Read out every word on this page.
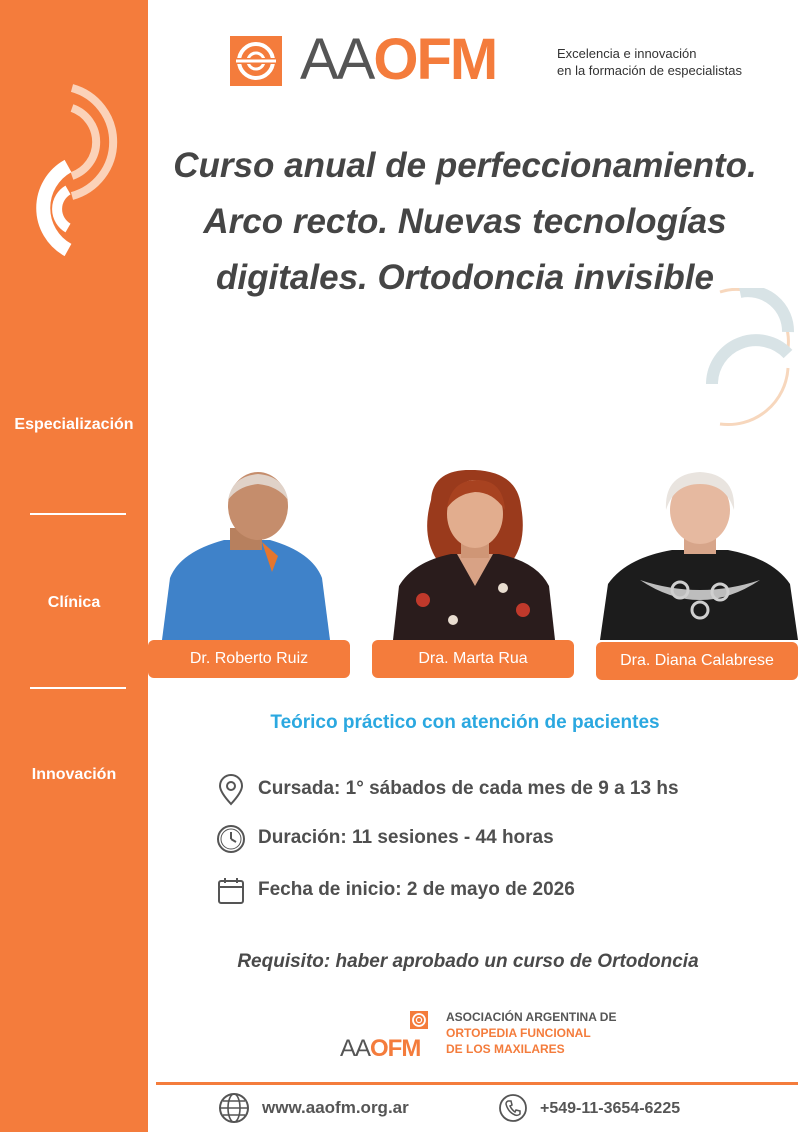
Especialización
Clínica
Innovación
AAOFM	Excelencia e innovación
en la formación de especialistas
Curso anual de perfeccionamiento.
Arco recto. Nuevas tecnologías
digitales. Ortodoncia invisible
Dr. Roberto Ruiz	Dra. Marta Rua	Dra. Diana Calabrese
Teórico práctico con atención de pacientes
Cursada: 1° sábados de cada mes de 9 a 13 hs
Duración: 11 sesiones - 44 horas
Fecha de inicio: 2 de mayo de 2026
Requisito: haber aprobado un curso de Ortodoncia
AAOFM
ASOCIACIÓN ARGENTINA DE
ORTOPEDIA FUNCIONAL
DE LOS MAXILARES
www.aaofm.org.ar	+549-11-3654-6225
